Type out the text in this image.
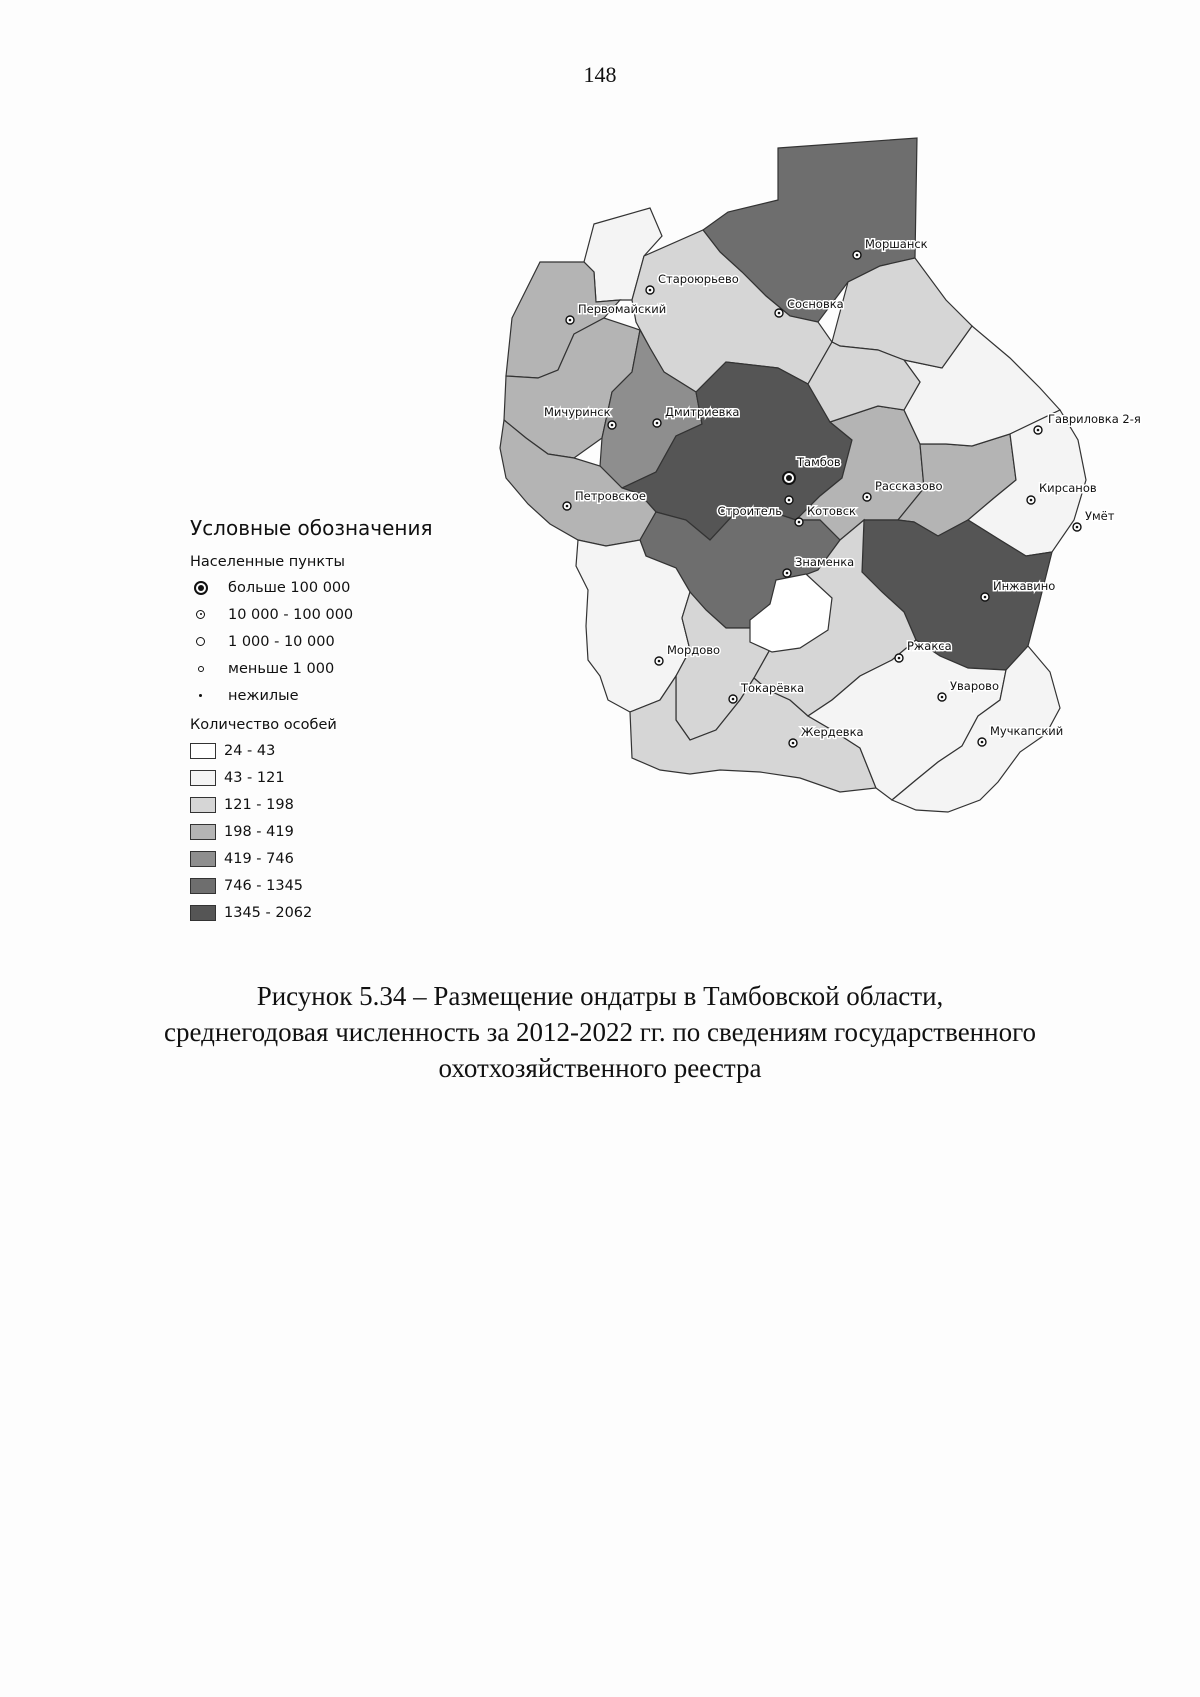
148
Моршанск
Староюрьево
Первомайский	Сосновка
Мичуринск	Дмитриевка	Гавриловка 2-я
Тамбов
Кирсанов
Рассказово
Петровское
Строитель Котовск	Умёт
Знаменка
Инжавино
Ржакса
Мордово
Токарёвка	Уварово
Мучкапский
Жердевка
Условные обозначения
Населенные пункты
больше 100 000
10 000 - 100 000
1 000 - 10 000
меньше 1 000
нежилые
Количество особей
24 - 43
43 - 121
121 - 198
198 - 419
419 - 746
746 - 1345
1345 - 2062
Рисунок 5.34 – Размещение ондатры в Тамбовской области,
среднегодовая численность за 2012-2022 гг. по сведениям государственного
охотхозяйственного реестра
